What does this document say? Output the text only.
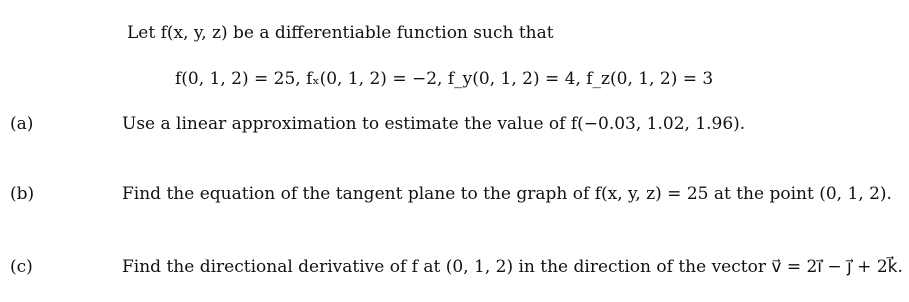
Let f(x, y, z) be a differentiable function such that
f(0, 1, 2) = 25, fₓ(0, 1, 2) = −2, f_y(0, 1, 2) = 4, f_z(0, 1, 2) = 3
(a)	Use a linear approximation to estimate the value of f(−0.03, 1.02, 1.96).
(b)	Find the equation of the tangent plane to the graph of f(x, y, z) = 25 at the point (0, 1, 2).
(c)	Find the directional derivative of f at (0, 1, 2) in the direction of the vector v⃗ = 2i⃗ − j⃗ + 2k⃗.
